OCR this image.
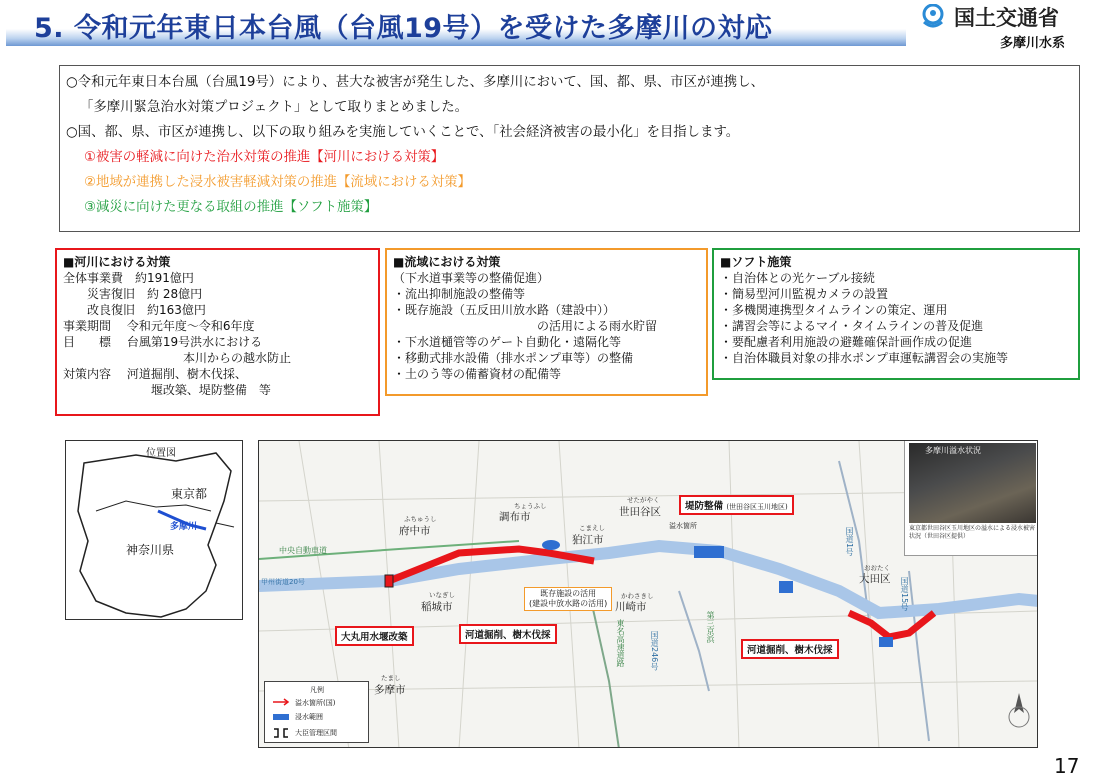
5. 令和元年東日本台風（台風19号）を受けた多摩川の対応	国土交通省
多摩川水系

○令和元年東日本台風（台風19号）により、甚大な被害が発生した、多摩川において、国、都、県、市区が連携し、

「多摩川緊急治水対策プロジェクト」として取りまとめました。

○国、都、県、市区が連携し、以下の取り組みを実施していくことで、「社会経済被害の最小化」を目指します。

①被害の軽減に向けた治水対策の推進【河川における対策】

②地域が連携した浸水被害軽減対策の推進【流域における対策】

③減災に向けた更なる取組の推進【ソフト施策】

■河川における対策
全体事業費　約191億円
　　災害復旧　約 28億円
　　改良復旧　約163億円
事業期間　 令和元年度～令和6年度
目　　標　 台風第19号洪水における
　　　　　　　　　　本川からの越水防止
対策内容　 河道掘削、樹木伐採、
　　　　　　　 堰改築、堤防整備　等
■流域における対策
（下水道事業等の整備促進）
・流出抑制施設の整備等
・既存施設（五反田川放水路（建設中））
　　　　　　　　　　　　の活用による雨水貯留
・下水道樋管等のゲート自動化・遠隔化等
・移動式排水設備（排水ポンプ車等）の整備
・土のう等の備蓄資材の配備等
■ソフト施策
・自治体との光ケーブル接続
・簡易型河川監視カメラの設置
・多機関連携型タイムラインの策定、運用
・講習会等によるマイ・タイムラインの普及促進
・要配慮者利用施設の避難確保計画作成の促進
・自治体職員対象の排水ポンプ車運転講習会の実施等
位置図
東京都
多摩川
神奈川県
ふちゅうし
府中市
ちょうふし
調布市
せたがやく
世田谷区
こまえし
狛江市
いなぎし
稲城市
かわさきし
川崎市
おおたく
大田区
たまし
多摩市
中央自動車道
甲州街道20号
国道1号
国道15号
国道246号
東名高速道路	第三京浜
溢水箇所
堤防整備 (世田谷区玉川地区)
大丸用水堰改築	河道掘削、樹木伐採
河道掘削、樹木伐採
既存施設の活用
(建設中放水路の活用)
多摩川溢水状況
東京都世田谷区玉川地区の溢水による浸水被害状況（世田谷区提供）
凡例
溢水箇所(国)
浸水範囲
大臣管理区間
17
